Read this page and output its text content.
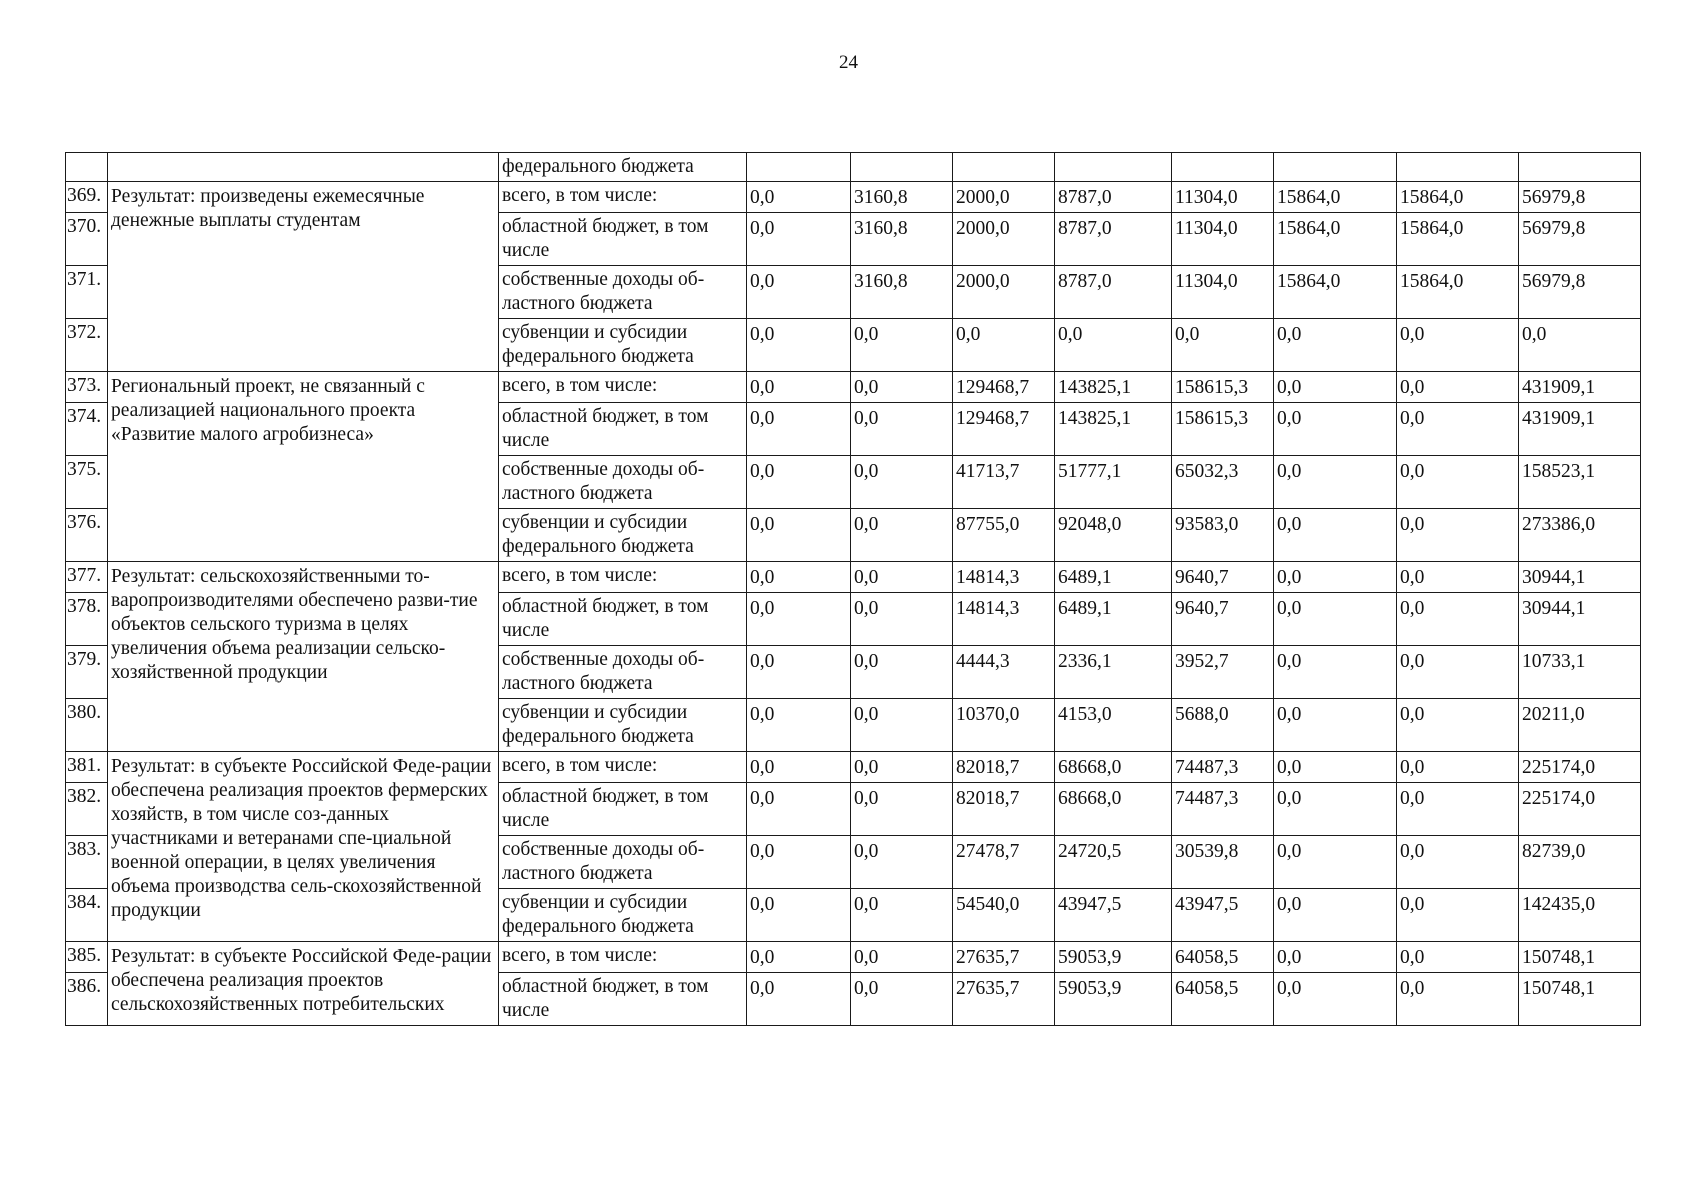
24
		федерального бюджета								
369.	Результат: произведены ежемесячные денежные выплаты студентам	всего, в том числе:	0,0	3160,8	2000,0	8787,0	11304,0	15864,0	15864,0	56979,8
370.		областной бюджет, в том числе	0,0	3160,8	2000,0	8787,0	11304,0	15864,0	15864,0	56979,8
371.		собственные доходы об-ластного бюджета	0,0	3160,8	2000,0	8787,0	11304,0	15864,0	15864,0	56979,8
372.		субвенции и субсидии федерального бюджета	0,0	0,0	0,0	0,0	0,0	0,0	0,0	0,0
373.	Региональный проект, не связанный с реализацией национального проекта «Развитие малого агробизнеса»	всего, в том числе:	0,0	0,0	129468,7	143825,1	158615,3	0,0	0,0	431909,1
374.		областной бюджет, в том числе	0,0	0,0	129468,7	143825,1	158615,3	0,0	0,0	431909,1
375.		собственные доходы об-ластного бюджета	0,0	0,0	41713,7	51777,1	65032,3	0,0	0,0	158523,1
376.		субвенции и субсидии федерального бюджета	0,0	0,0	87755,0	92048,0	93583,0	0,0	0,0	273386,0
377.	Результат: сельскохозяйственными то-варопроизводителями обеспечено разви-тие объектов сельского туризма в целях увеличения объема реализации сельско-хозяйственной продукции	всего, в том числе:	0,0	0,0	14814,3	6489,1	9640,7	0,0	0,0	30944,1
378.		областной бюджет, в том числе	0,0	0,0	14814,3	6489,1	9640,7	0,0	0,0	30944,1
379.		собственные доходы об-ластного бюджета	0,0	0,0	4444,3	2336,1	3952,7	0,0	0,0	10733,1
380.		субвенции и субсидии федерального бюджета	0,0	0,0	10370,0	4153,0	5688,0	0,0	0,0	20211,0
381.	Результат: в субъекте Российской Феде-рации обеспечена реализация проектов фермерских хозяйств, в том числе соз-данных участниками и ветеранами спе-циальной военной операции, в целях увеличения объема производства сель-скохозяйственной продукции	всего, в том числе:	0,0	0,0	82018,7	68668,0	74487,3	0,0	0,0	225174,0
382.		областной бюджет, в том числе	0,0	0,0	82018,7	68668,0	74487,3	0,0	0,0	225174,0
383.		собственные доходы об-ластного бюджета	0,0	0,0	27478,7	24720,5	30539,8	0,0	0,0	82739,0
384.		субвенции и субсидии федерального бюджета	0,0	0,0	54540,0	43947,5	43947,5	0,0	0,0	142435,0
385.	Результат: в субъекте Российской Феде-рации обеспечена реализация проектов сельскохозяйственных потребительских	всего, в том числе:	0,0	0,0	27635,7	59053,9	64058,5	0,0	0,0	150748,1
386.		областной бюджет, в том числе	0,0	0,0	27635,7	59053,9	64058,5	0,0	0,0	150748,1
